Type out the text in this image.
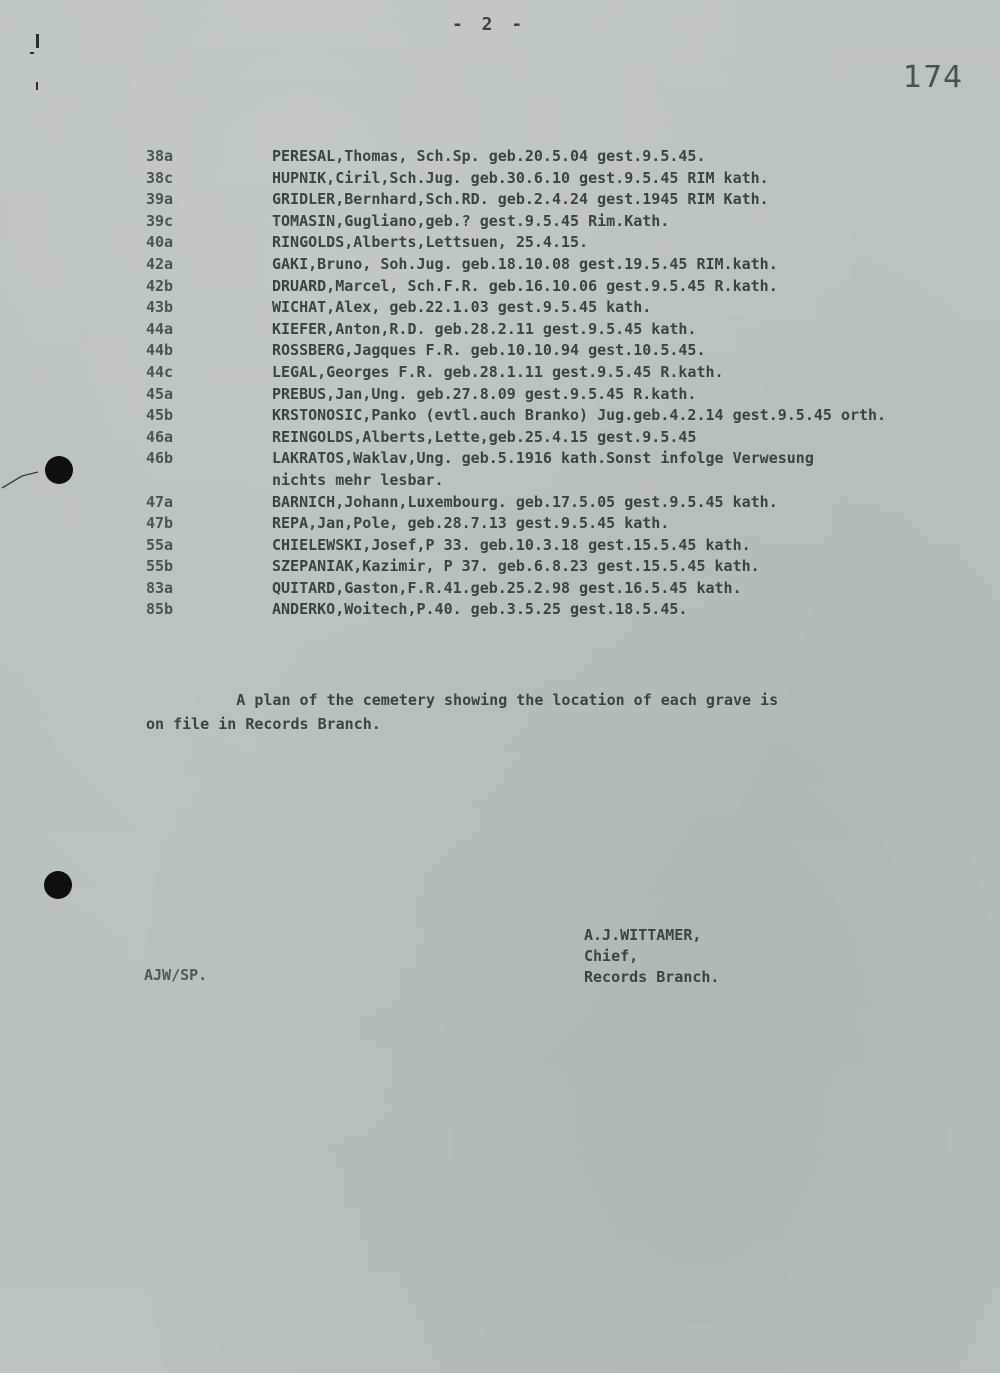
- 2 -
174
38a	PERESAL,Thomas, Sch.Sp. geb.20.5.04 gest.9.5.45.
38c	HUPNIK,Ciril,Sch.Jug. geb.30.6.10 gest.9.5.45 RIM kath.
39a	GRIDLER,Bernhard,Sch.RD. geb.2.4.24 gest.1945 RIM Kath.
39c	TOMASIN,Gugliano,geb.? gest.9.5.45 Rim.Kath.
40a	RINGOLDS,Alberts,Lettsuen, 25.4.15.
42a	GAKI,Bruno, Soh.Jug. geb.18.10.08 gest.19.5.45 RIM.kath.
42b	DRUARD,Marcel, Sch.F.R. geb.16.10.06 gest.9.5.45 R.kath.
43b	WICHAT,Alex, geb.22.1.03 gest.9.5.45 kath.
44a	KIEFER,Anton,R.D. geb.28.2.11 gest.9.5.45 kath.
44b	ROSSBERG,Jagques F.R. geb.10.10.94 gest.10.5.45.
44c	LEGAL,Georges F.R. geb.28.1.11 gest.9.5.45 R.kath.
45a	PREBUS,Jan,Ung. geb.27.8.09 gest.9.5.45 R.kath.
45b	KRSTONOSIC,Panko (evtl.auch Branko) Jug.geb.4.2.14 gest.9.5.45 orth.
46a	REINGOLDS,Alberts,Lette,geb.25.4.15 gest.9.5.45
46b	LAKRATOS,Waklav,Ung. geb.5.1916 kath.Sonst infolge Verwesung
nichts mehr lesbar.
47a	BARNICH,Johann,Luxembourg. geb.17.5.05 gest.9.5.45 kath.
47b	REPA,Jan,Pole, geb.28.7.13 gest.9.5.45 kath.
55a	CHIELEWSKI,Josef,P 33. geb.10.3.18 gest.15.5.45 kath.
55b	SZEPANIAK,Kazimir, P 37. geb.6.8.23 gest.15.5.45 kath.
83a	QUITARD,Gaston,F.R.41.geb.25.2.98 gest.16.5.45 kath.
85b	ANDERKO,Woitech,P.40. geb.3.5.25 gest.18.5.45.
A plan of the cemetery showing the location of each grave is
on file in Records Branch.
A.J.WITTAMER,
Chief,
Records Branch.
AJW/SP.
